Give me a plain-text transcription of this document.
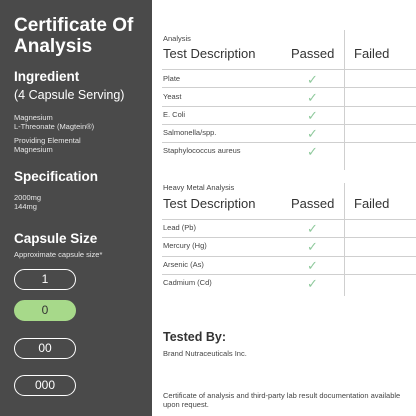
Certificate Of Analysis
Ingredient
(4 Capsule Serving)
Magnesium
L-Threonate (Magtein®)
Providing Elemental
Magnesium
Specification
2000mg
144mg
Capsule Size
Approximate capsule size*
1
0
00
000
Analysis
Test Description	Passed Failed
Plate	✓
Yeast	✓
E. Coli	✓
Salmonella/spp.	✓
Staphylococcus aureus	✓
Heavy Metal Analysis
Test Description	Passed Failed
Lead (Pb)	✓
Mercury (Hg)	✓
Arsenic (As)	✓
Cadmium (Cd)	✓
Tested By:
Brand Nutraceuticals Inc.
Certificate of analysis and third-party lab result documentation available upon request.
